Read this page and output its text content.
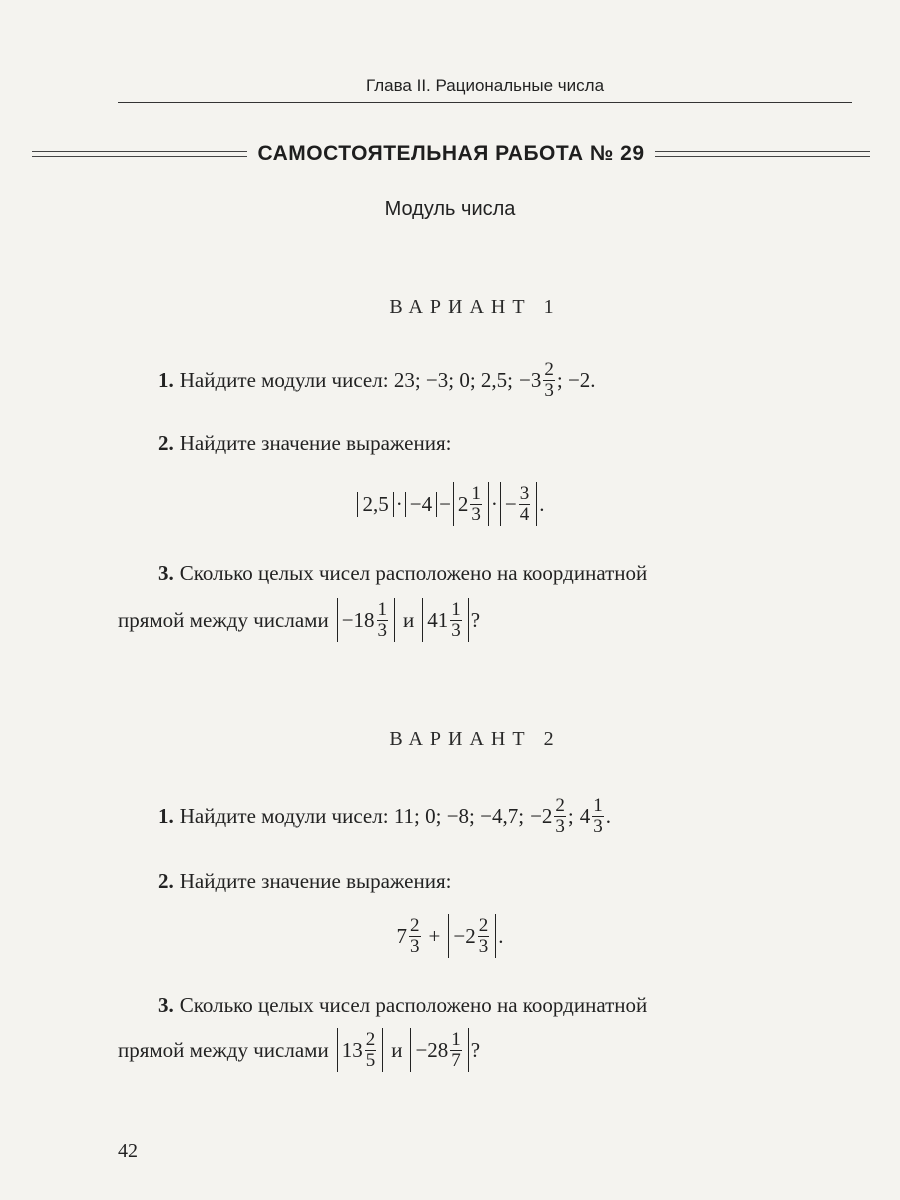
Глава II. Рациональные числа
САМОСТОЯТЕЛЬНАЯ РАБОТА № 29
Модуль числа
ВАРИАНТ 1
1. Найдите модули чисел: 23; −3; 0; 2,5; $-3 \frac{2}{3}$ ; −2.
2. Найдите значение выражения:
$2,5 \cdot -4 - 2 \frac{1}{3}$ · − $\frac{3}{4}$ .
3. Сколько целых чисел расположено на координатной
прямой между числами $-18 \frac{1}{3}$ и $41 \frac{1}{3}$ ?
ВАРИАНТ 2
1. Найдите модули чисел: 11; 0; −8; −4,7; $-2 \frac{2}{3}$ ; $4 \frac{1}{3}$ .
2. Найдите значение выражения:
$7 \frac{2}{3} + -2 \frac{2}{3}$ .
3. Сколько целых чисел расположено на координатной
прямой между числами $13 \frac{2}{5}$ $и -28 \frac{1}{7}$ ?
42
